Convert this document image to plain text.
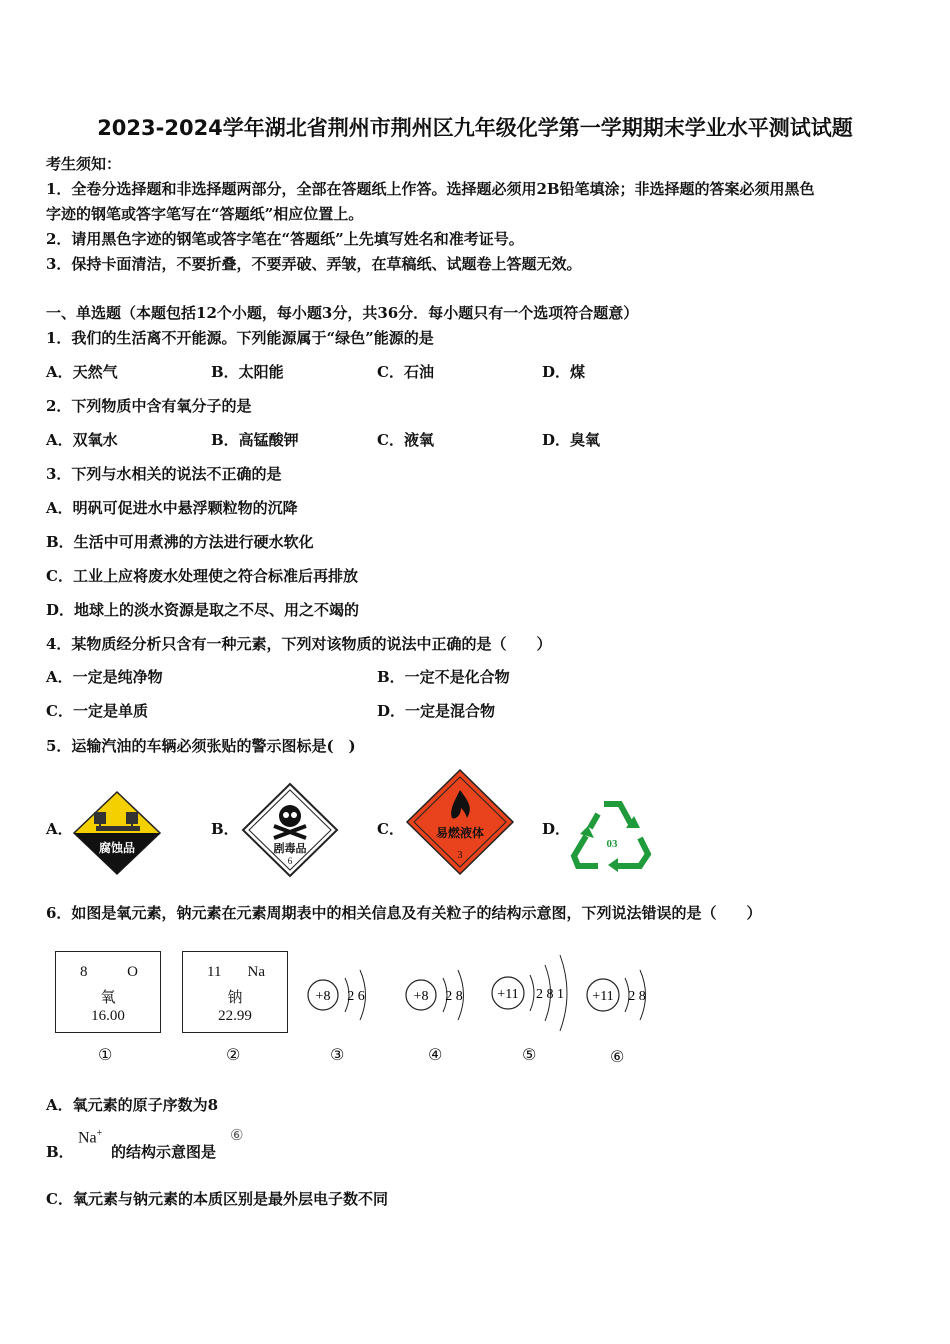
2023-2024学年湖北省荆州市荆州区九年级化学第一学期期末学业水平测试试题
考生须知：
1．全卷分选择题和非选择题两部分，全部在答题纸上作答。选择题必须用2B铅笔填涂；非选择题的答案必须用黑色
字迹的钢笔或答字笔写在“答题纸”相应位置上。
2．请用黑色字迹的钢笔或答字笔在“答题纸”上先填写姓名和准考证号。
3．保持卡面清洁，不要折叠，不要弄破、弄皱，在草稿纸、试题卷上答题无效。
一、单选题（本题包括12个小题，每小题3分，共36分．每小题只有一个选项符合题意）
1．我们的生活离不开能源。下列能源属于“绿色”能源的是
A．天然气	B．太阳能	C．石油	D．煤
2．下列物质中含有氧分子的是
A．双氧水	B．高锰酸钾	C．液氧	D．臭氧
3．下列与水相关的说法不正确的是
A．明矾可促进水中悬浮颗粒物的沉降
B．生活中可用煮沸的方法进行硬水软化
C．工业上应将废水处理使之符合标准后再排放
D．地球上的淡水资源是取之不尽、用之不竭的
4．某物质经分析只含有一种元素，下列对该物质的说法中正确的是（　　）
A．一定是纯净物	B．一定不是化合物
C．一定是单质	D．一定是混合物
5．运输汽油的车辆必须张贴的警示图标是(　)
A．
腐蚀品
B．
剧毒品
6
C．	易燃液体
3
D．
03
6．如图是氧元素，钠元素在元素周期表中的相关信息及有关粒子的结构示意图，下列说法错误的是（　　）
8	O
氧
16.00
11 Na
钠
22.99
①	②
+8 2 6
③
+8 2 8
④
+11 2 8 1
⑤
+11 2 8
⑥
A．氧元素的原子序数为8
B．
Na+
的结构示意图是
⑥
C．氧元素与钠元素的本质区别是最外层电子数不同
